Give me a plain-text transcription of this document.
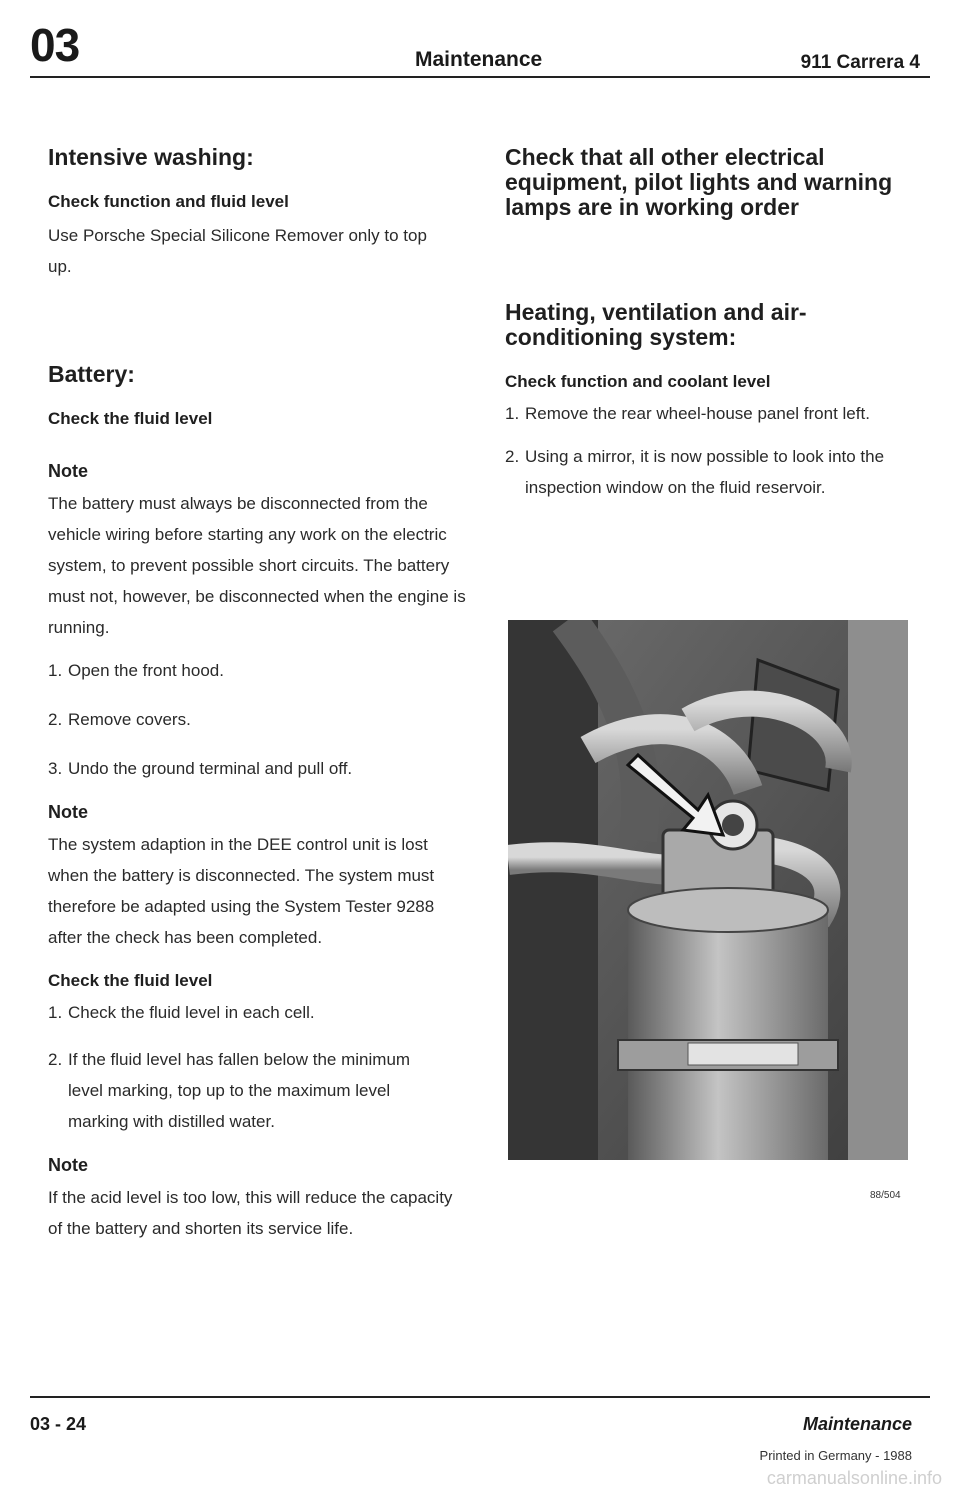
03	Maintenance	911 Carrera 4
Intensive washing:
Check function and fluid level

Use Porsche Special Silicone Remover only to top up.

Battery:
Check the fluid level
Note

The battery must always be disconnected from the vehicle wiring before starting any work on the electric system, to prevent possible short circuits. The battery must not, however, be disconnected when the engine is running.

1. Open the front hood.
2. Remove covers.
3. Undo the ground terminal and pull off.
Note

The system adaption in the DEE control unit is lost when the battery is disconnected. The system must therefore be adapted using the System Tester 9288 after the check has been completed.

Check the fluid level
1. Check the fluid level in each cell.
2. If the fluid level has fallen below the minimum level marking, top up to the maximum level marking with distilled water.
Note

If the acid level is too low, this will reduce the capacity of the battery and shorten its service life.

Check that all other electrical equipment, pilot lights and warning lamps are in working order
Heating, ventilation and air-conditioning system:
Check function and coolant level
1. Remove the rear wheel-house panel front left.
2. Using a mirror, it is now possible to look into the inspection window on the fluid reservoir.
88/504
03 - 24	Maintenance
Printed in Germany - 1988
carmanualsonline.info
